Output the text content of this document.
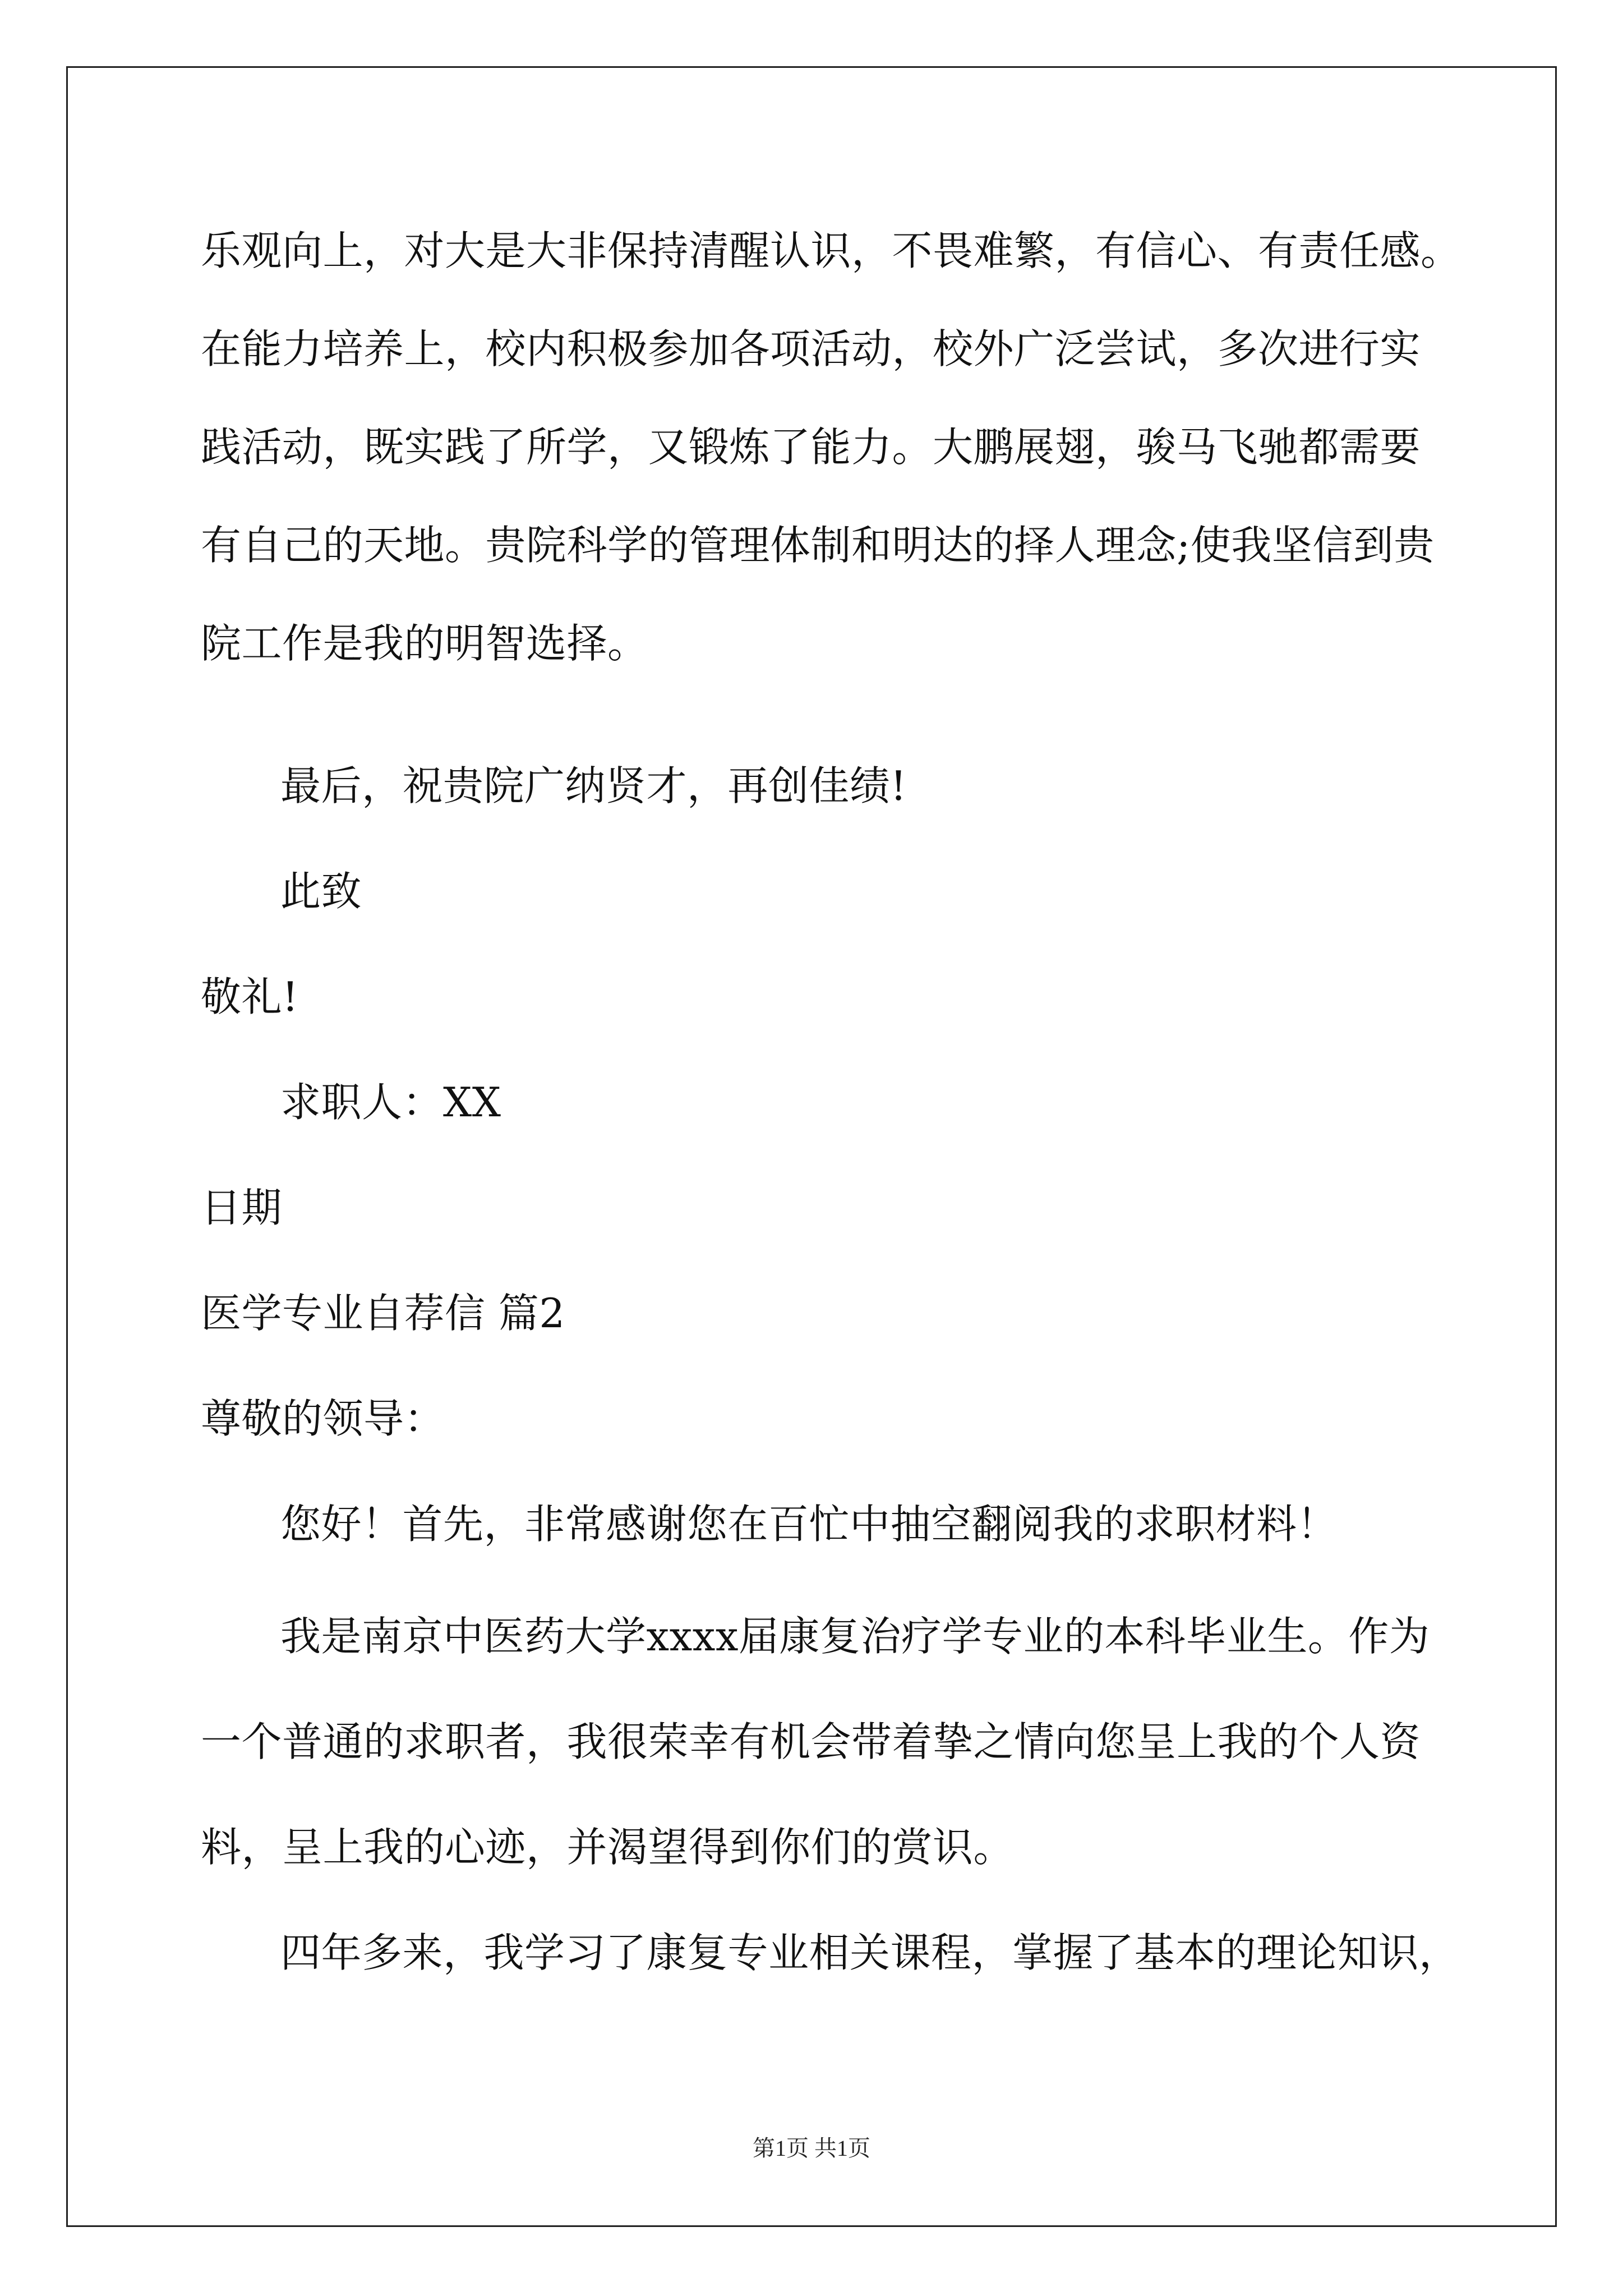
乐观向上，对大是大非保持清醒认识，不畏难繁，有信心、有责任感。
在能力培养上，校内积极参加各项活动，校外广泛尝试，多次进行实
践活动，既实践了所学，又锻炼了能力。大鹏展翅，骏马飞驰都需要
有自己的天地。贵院科学的管理体制和明达的择人理念;使我坚信到贵
院工作是我的明智选择。
最后，祝贵院广纳贤才，再创佳绩!
此致
敬礼!
求职人：XX
日期
医学专业自荐信 篇2
尊敬的领导：
您好！首先，非常感谢您在百忙中抽空翻阅我的求职材料！
我是南京中医药大学xxxx届康复治疗学专业的本科毕业生。作为
一个普通的求职者，我很荣幸有机会带着挚之情向您呈上我的个人资
料，呈上我的心迹，并渴望得到你们的赏识。
四年多来，我学习了康复专业相关课程，掌握了基本的理论知识，
第1页 共1页
